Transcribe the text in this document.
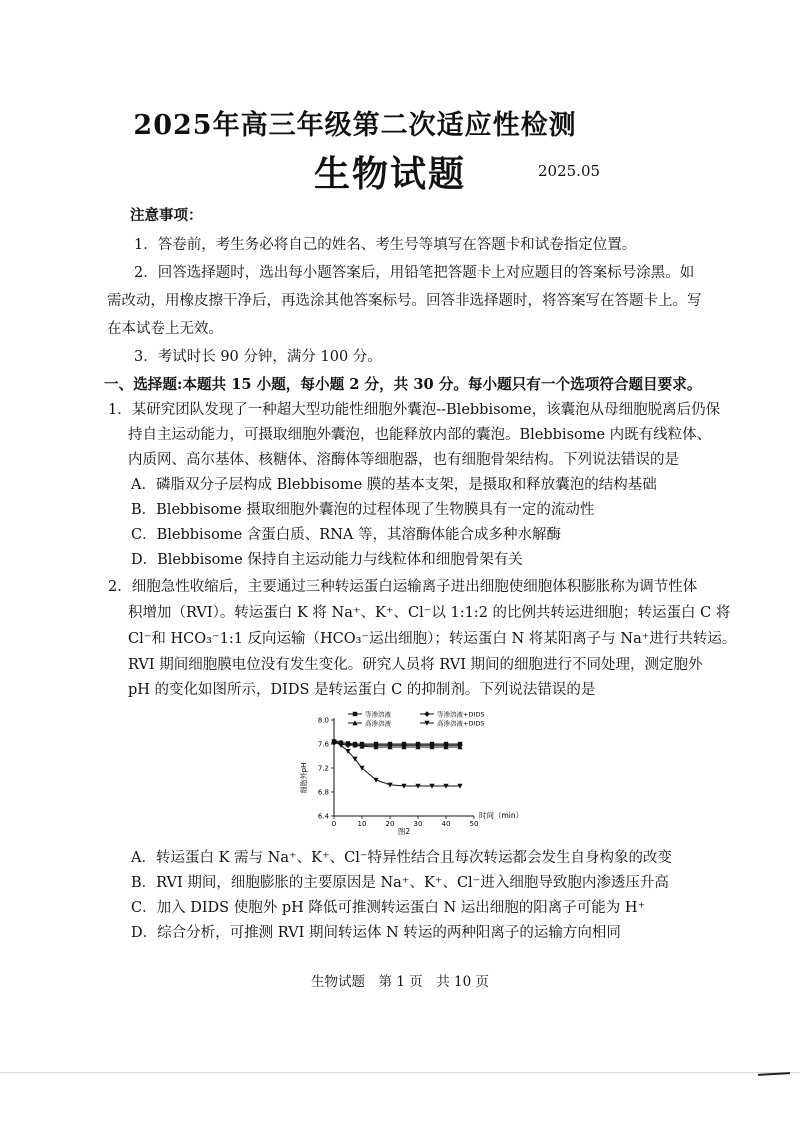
2025年高三年级第二次适应性检测
生物试题	2025.05
注意事项：
1．答卷前，考生务必将自己的姓名、考生号等填写在答题卡和试卷指定位置。
2．回答选择题时，选出每小题答案后，用铅笔把答题卡上对应题目的答案标号涂黑。如
需改动，用橡皮擦干净后，再选涂其他答案标号。回答非选择题时，将答案写在答题卡上。写
在本试卷上无效。
3．考试时长 90 分钟，满分 100 分。
一、选择题:本题共 15 小题，每小题 2 分，共 30 分。每小题只有一个选项符合题目要求。
1．某研究团队发现了一种超大型功能性细胞外囊泡--Blebbisome，该囊泡从母细胞脱离后仍保
持自主运动能力，可摄取细胞外囊泡，也能释放内部的囊泡。Blebbisome 内既有线粒体、
内质网、高尔基体、核糖体、溶酶体等细胞器，也有细胞骨架结构。下列说法错误的是
A．磷脂双分子层构成 Blebbisome 膜的基本支架，是摄取和释放囊泡的结构基础
B．Blebbisome 摄取细胞外囊泡的过程体现了生物膜具有一定的流动性
C．Blebbisome 含蛋白质、RNA 等，其溶酶体能合成多种水解酶
D．Blebbisome 保持自主运动能力与线粒体和细胞骨架有关
2．细胞急性收缩后，主要通过三种转运蛋白运输离子进出细胞使细胞体积膨胀称为调节性体
积增加（RVI）。转运蛋白 K 将 Na⁺、K⁺、Cl⁻以 1:1:2 的比例共转运进细胞；转运蛋白 C 将
Cl⁻和 HCO₃⁻1:1 反向运输（HCO₃⁻运出细胞）；转运蛋白 N 将某阳离子与 Na⁺进行共转运。
RVI 期间细胞膜电位没有发生变化。研究人员将 RVI 期间的细胞进行不同处理，测定胞外
pH 的变化如图所示，DIDS 是转运蛋白 C 的抑制剂。下列说法错误的是
0	10	20	30	40	50
6.4
6.8
7.2
7.6
8.0
等渗溶液	等渗溶液+DIDS
高渗溶液	高渗溶液+DIDS
细胞外pH
时间（min）
图2
A．转运蛋白 K 需与 Na⁺、K⁺、Cl⁻特异性结合且每次转运都会发生自身构象的改变
B．RVI 期间，细胞膨胀的主要原因是 Na⁺、K⁺、Cl⁻进入细胞导致胞内渗透压升高
C．加入 DIDS 使胞外 pH 降低可推测转运蛋白 N 运出细胞的阳离子可能为 H⁺
D．综合分析，可推测 RVI 期间转运体 N 转运的两种阳离子的运输方向相同
生物试题　第 1 页　共 10 页
